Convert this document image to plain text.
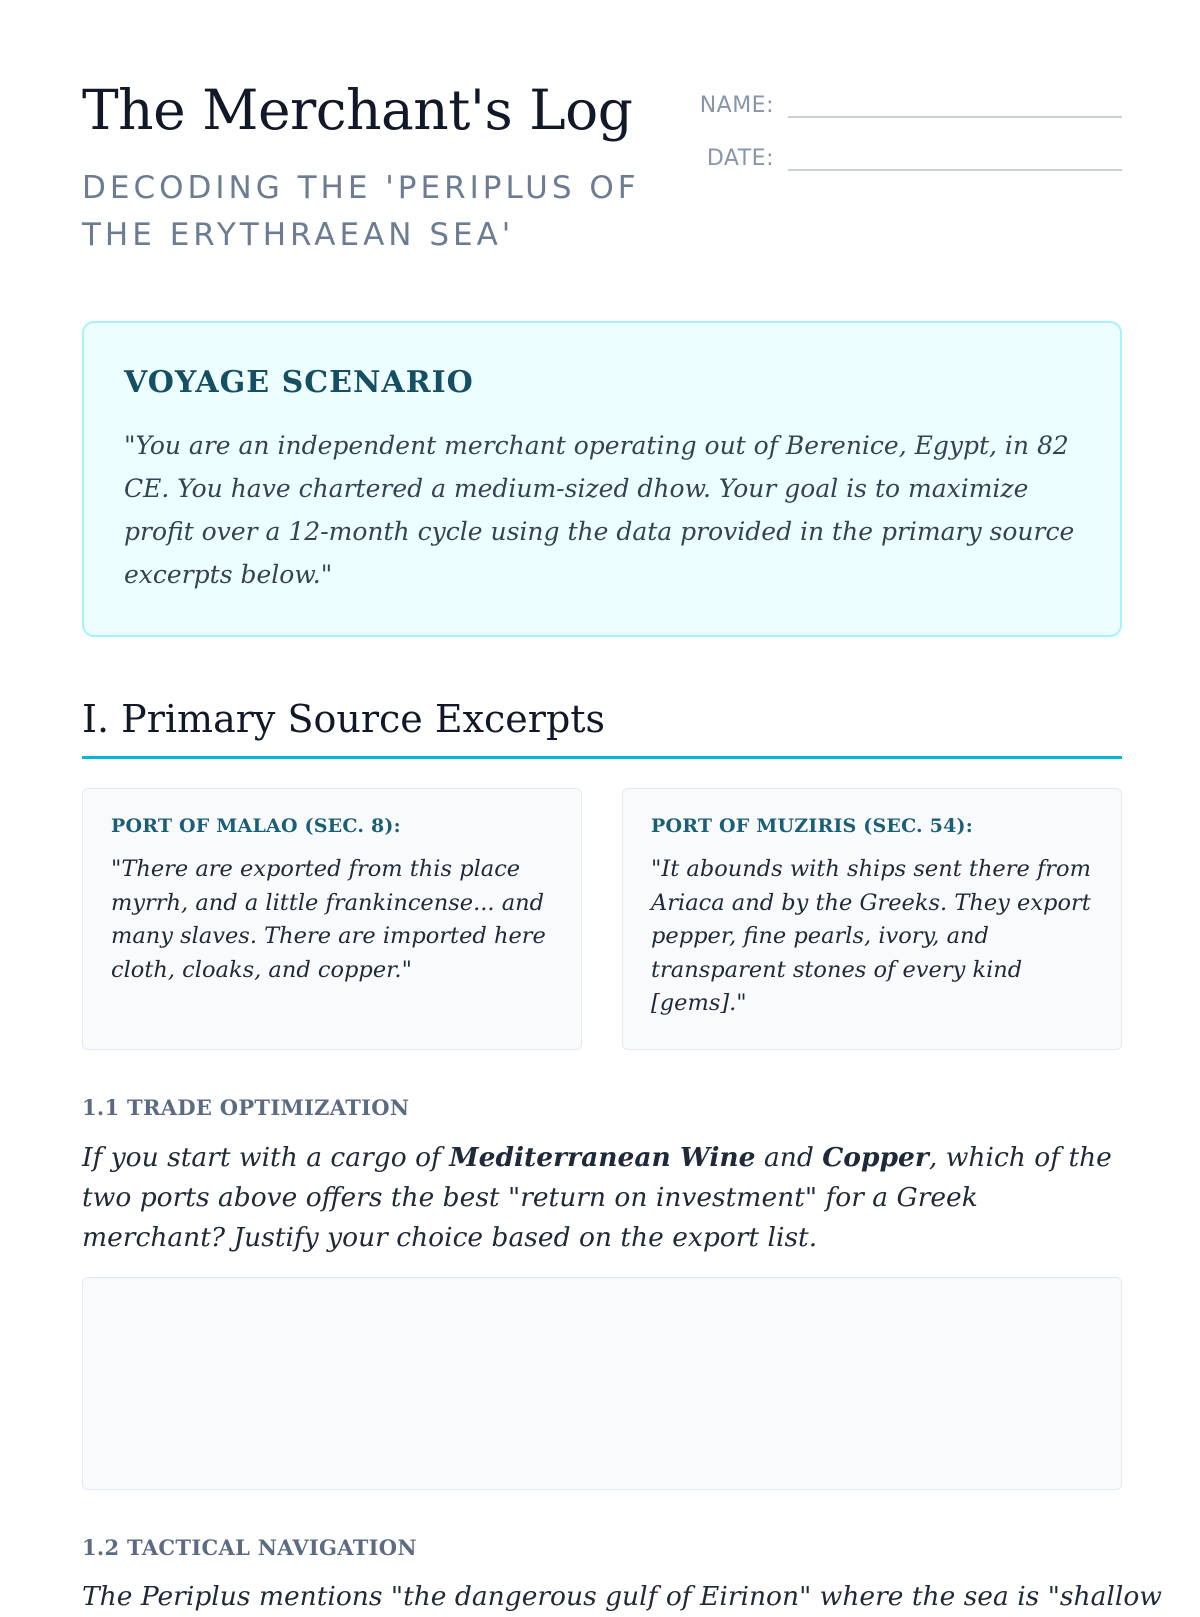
The Merchant's Log

DECODING THE 'PERIPLUS OF THE ERYTHRAEAN SEA'

NAME:
DATE:
VOYAGE SCENARIO

"You are an independent merchant operating out of Berenice, Egypt, in 82 CE. You have chartered a medium-sized dhow. Your goal is to maximize profit over a 12-month cycle using the data provided in the primary source excerpts below."

I. Primary Source Excerpts
PORT OF MALAO (SEC. 8):

"There are exported from this place myrrh, and a little frankincense... and many slaves. There are imported here cloth, cloaks, and copper."

PORT OF MUZIRIS (SEC. 54):

"It abounds with ships sent there from Ariaca and by the Greeks. They export pepper, fine pearls, ivory, and transparent stones of every kind [gems]."

1.1 TRADE OPTIMIZATION

If you start with a cargo of Mediterranean Wine and Copper, which of the two ports above offers the best "return on investment" for a Greek merchant? Justify your choice based on the export list.

1.2 TACTICAL NAVIGATION

The Periplus mentions "the dangerous gulf of Eirinon" where the sea is "shallow
